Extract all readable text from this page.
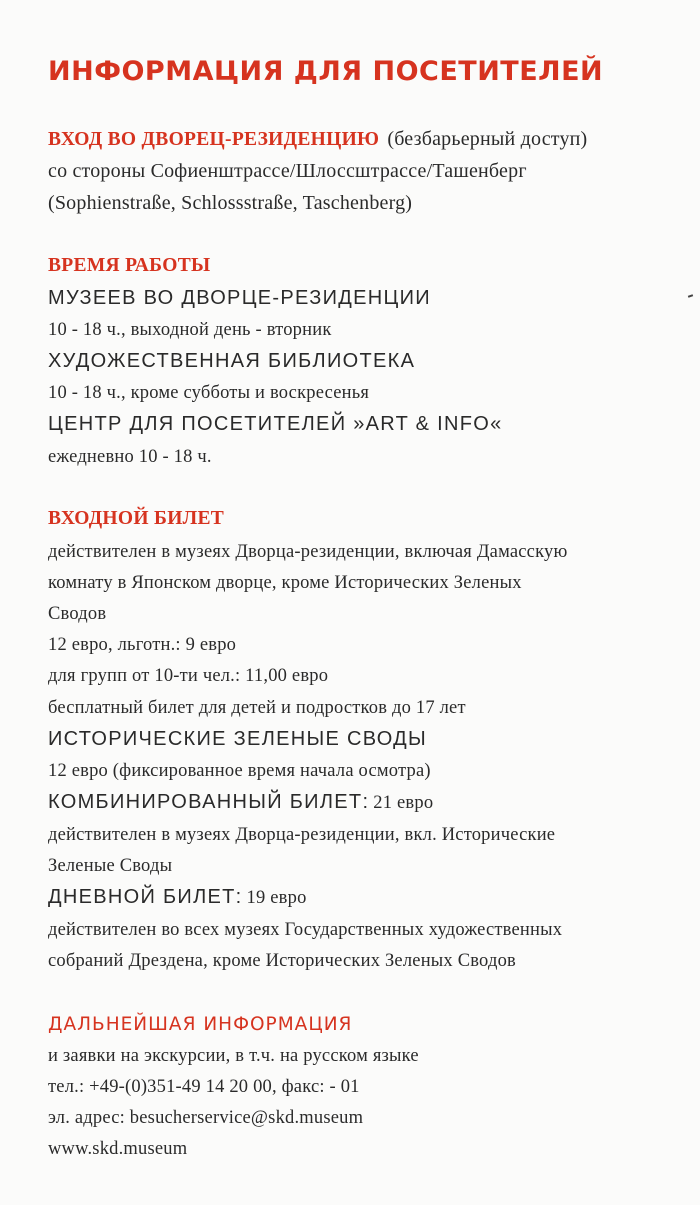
ИНФОРМАЦИЯ ДЛЯ ПОСЕТИТЕЛЕЙ
ВХОД ВО ДВОРЕЦ-РЕЗИДЕНЦИЮ (безбарьерный доступ)
со стороны Софиенштрассе/Шлоссштрассе/Ташенберг
(Sophienstraße, Schlossstraße, Taschenberg)
ВРЕМЯ РАБОТЫ
МУЗЕЕВ ВО ДВОРЦЕ-РЕЗИДЕНЦИИ
10 - 18 ч., выходной день - вторник
ХУДОЖЕСТВЕННАЯ БИБЛИОТЕКА
10 - 18 ч., кроме субботы и воскресенья
ЦЕНТР ДЛЯ ПОСЕТИТЕЛЕЙ »ART & INFO«
ежедневно 10 - 18 ч.
ВХОДНОЙ БИЛЕТ
действителен в музеях Дворца-резиденции, включая Дамасскую
комнату в Японском дворце, кроме Исторических Зеленых
Сводов
12 евро, льготн.: 9 евро
для групп от 10-ти чел.: 11,00 евро
бесплатный билет для детей и подростков до 17 лет
ИСТОРИЧЕСКИЕ ЗЕЛЕНЫЕ СВОДЫ
12 евро (фиксированное время начала осмотра)
КОМБИНИРОВАННЫЙ БИЛЕТ: 21 евро
действителен в музеях Дворца-резиденции, вкл. Исторические
Зеленые Своды
ДНЕВНОЙ БИЛЕТ: 19 евро
действителен во всех музеях Государственных художественных
собраний Дрездена, кроме Исторических Зеленых Сводов
ДАЛЬНЕЙШАЯ ИНФОРМАЦИЯ
и заявки на экскурсии, в т.ч. на русском языке
тел.: +49-(0)351-49 14 20 00, факс: - 01
эл. адрес: besucherservice@skd.museum
www.skd.museum
